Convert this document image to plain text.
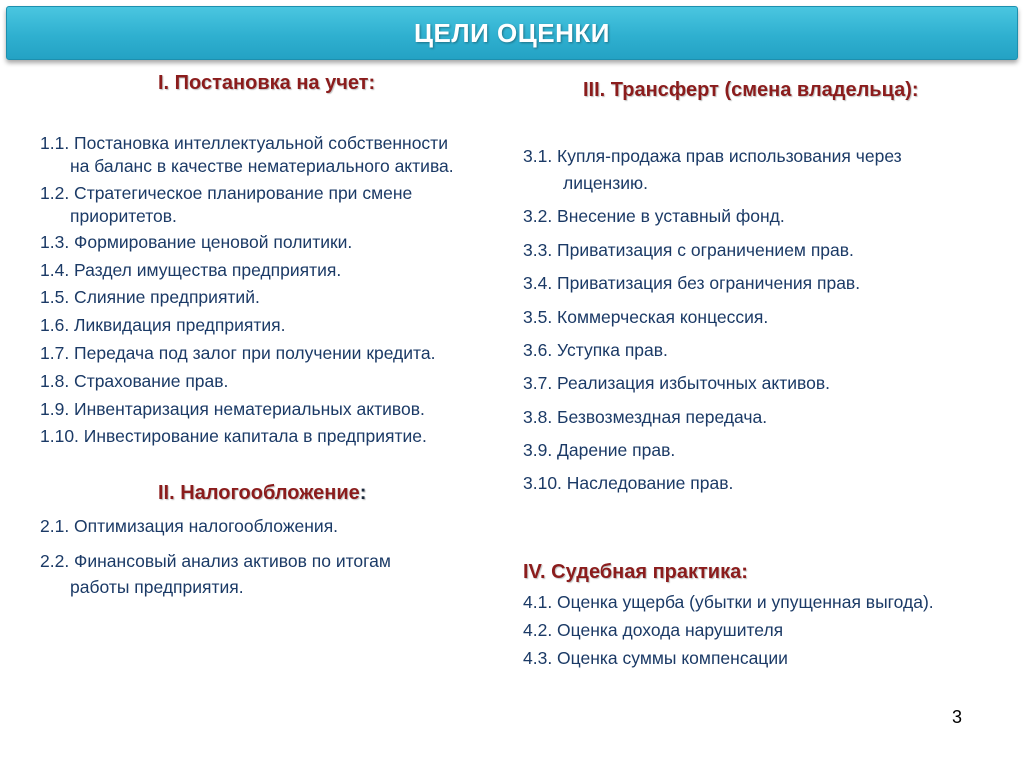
ЦЕЛИ ОЦЕНКИ
I. Постановка на учет:
1.1. Постановка интеллектуальной собственности
на баланс в качестве нематериального актива.
1.2. Стратегическое планирование при смене
приоритетов.
1.3. Формирование ценовой политики.
1.4. Раздел имущества предприятия.
1.5. Слияние предприятий.
1.6. Ликвидация предприятия.
1.7. Передача под залог при получении кредита.
1.8. Страхование прав.
1.9. Инвентаризация нематериальных активов.
1.10. Инвестирование капитала в предприятие.
II. Налогообложение:
2.1. Оптимизация налогообложения.
2.2. Финансовый анализ активов по итогам
работы предприятия.
III. Трансферт (смена владельца):
3.1. Купля-продажа прав использования через
лицензию.
3.2. Внесение в уставный фонд.
3.3. Приватизация с ограничением прав.
3.4. Приватизация без ограничения прав.
3.5. Коммерческая концессия.
3.6. Уступка прав.
3.7. Реализация избыточных активов.
3.8. Безвозмездная передача.
3.9. Дарение прав.
3.10. Наследование прав.
IV. Судебная практика:
4.1. Оценка ущерба (убытки и упущенная выгода).
4.2. Оценка дохода нарушителя
4.3. Оценка суммы компенсации
3
